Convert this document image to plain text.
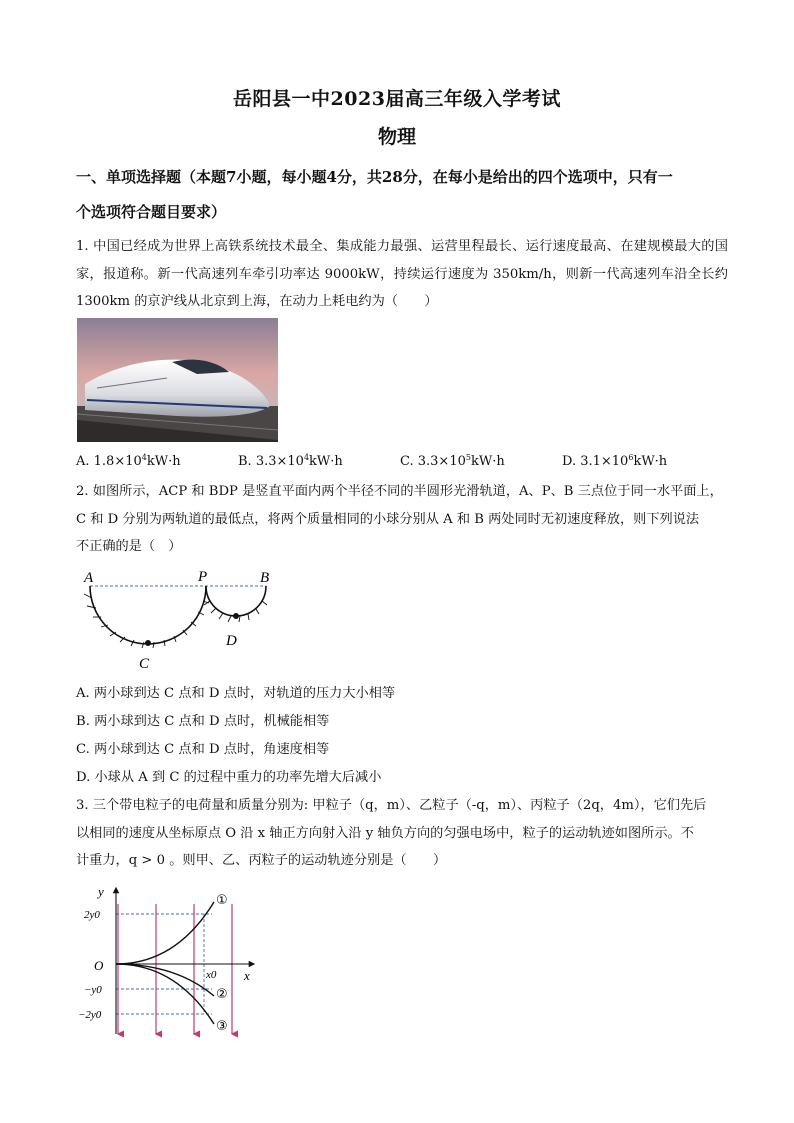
岳阳县一中2023届高三年级入学考试
物理
一、单项选择题（本题7小题，每小题4分，共28分，在每小是给出的四个选项中，只有一
个选项符合题目要求）
1. 中国已经成为世界上高铁系统技术最全、集成能力最强、运营里程最长、运行速度最高、在建规模最大的国家，报道称。新一代高速列车牵引功率达 9000kW，持续运行速度为 350km/h，则新一代高速列车沿全长约 1300km 的京沪线从北京到上海，在动力上耗电约为（　　）
A. $1.8\times 10^4kW\cdot h$	B. $3.3\times 10^4kW\cdot h$	C. $3.3\times 10^5kW\cdot h$	D. $3.1\times 10^6kW\cdot h$
2. 如图所示，ACP 和 BDP 是竖直平面内两个半径不同的半圆形光滑轨道，A、P、B 三点位于同一水平面上，
C 和 D 分别为两轨道的最低点，将两个质量相同的小球分别从 A 和 B 两处同时无初速度释放，则下列说法
不正确的是（　）
A	P	B
C
D
A. 两小球到达 C 点和 D 点时，对轨道的压力大小相等
B. 两小球到达 C 点和 D 点时，机械能相等
C. 两小球到达 C 点和 D 点时，角速度相等
D. 小球从 A 到 C 的过程中重力的功率先增大后减小
3. 三个带电粒子的电荷量和质量分别为: 甲粒子（q，m）、乙粒子（-q，m）、丙粒子（2q，4m），它们先后
以相同的速度从坐标原点 O 沿 x 轴正方向射入沿 y 轴负方向的匀强电场中，粒子的运动轨迹如图所示。不
计重力，q > 0 。则甲、乙、丙粒子的运动轨迹分别是（　　）
y
x
O
x0
2y0
−y0
−2y0
①
②
③
